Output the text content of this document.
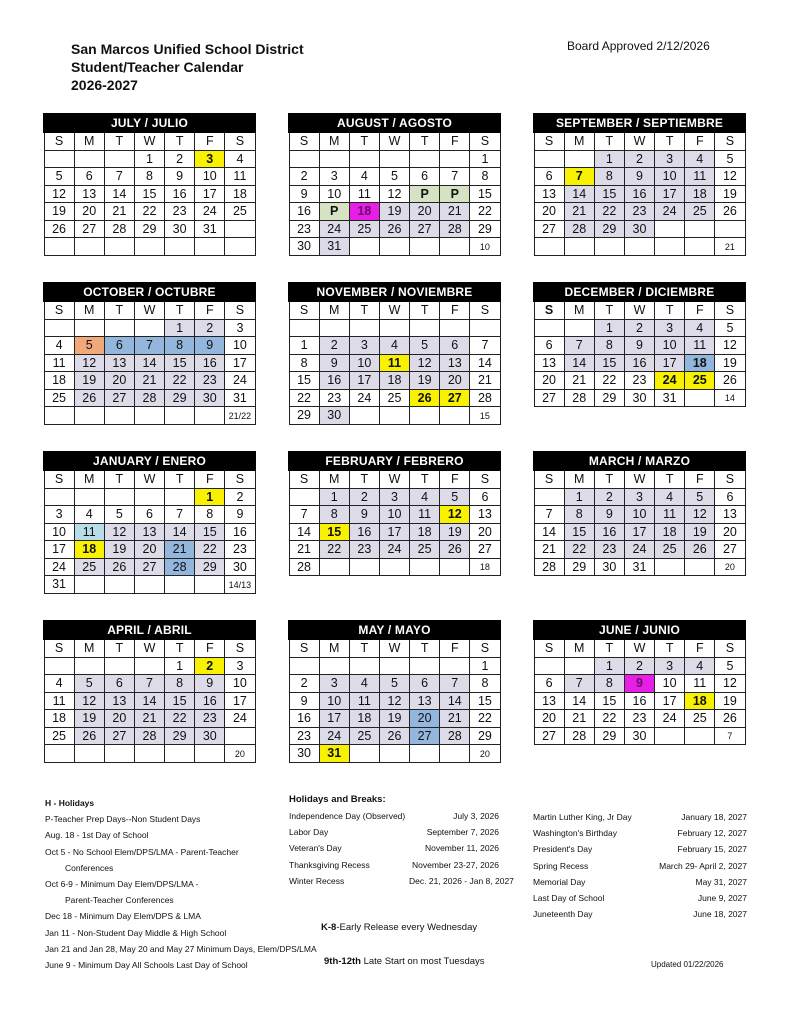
San Marcos Unified School District
Student/Teacher Calendar
2026-2027
Board Approved 2/12/2026
JULY / JULIO						
S	M	T	W	T	F	S
			1	2	3	4
5	6	7	8	9	10	11
12	13	14	15	16	17	18
19	20	21	22	23	24	25
26	27	28	29	30	31	

AUGUST / AGOSTO						
S	M	T	W	T	F	S
						1
2	3	4	5	6	7	8
9	10	11	12	P	P	15
16	P	18	19	20	21	22
23	24	25	26	27	28	29
30	31					10
SEPTEMBER / SEPTIEMBRE						
S	M	T	W	T	F	S
		1	2	3	4	5
6	7	8	9	10	11	12
13	14	15	16	17	18	19
20	21	22	23	24	25	26
27	28	29	30			
						21
OCTOBER / OCTUBRE						
S	M	T	W	T	F	S
				1	2	3
4	5	6	7	8	9	10
11	12	13	14	15	16	17
18	19	20	21	22	23	24
25	26	27	28	29	30	31
						21/22
NOVEMBER / NOVIEMBRE						
S	M	T	W	T	F	S

1	2	3	4	5	6	7
8	9	10	11	12	13	14
15	16	17	18	19	20	21
22	23	24	25	26	27	28
29	30					15
DECEMBER / DICIEMBRE						
S	M	T	W	T	F	S
		1	2	3	4	5
6	7	8	9	10	11	12
13	14	15	16	17	18	19
20	21	22	23	24	25	26
27	28	29	30	31		14
JANUARY / ENERO						
S	M	T	W	T	F	S
					1	2
3	4	5	6	7	8	9
10	11	12	13	14	15	16
17	18	19	20	21	22	23
24	25	26	27	28	29	30
31						14/13
FEBRUARY / FEBRERO						
S	M	T	W	T	F	S
	1	2	3	4	5	6
7	8	9	10	11	12	13
14	15	16	17	18	19	20
21	22	23	24	25	26	27
28						18
MARCH / MARZO						
S	M	T	W	T	F	S
	1	2	3	4	5	6
7	8	9	10	11	12	13
14	15	16	17	18	19	20
21	22	23	24	25	26	27
28	29	30	31			20
APRIL / ABRIL						
S	M	T	W	T	F	S
				1	2	3
4	5	6	7	8	9	10
11	12	13	14	15	16	17
18	19	20	21	22	23	24
25	26	27	28	29	30	
						20
MAY / MAYO						
S	M	T	W	T	F	S
						1
2	3	4	5	6	7	8
9	10	11	12	13	14	15
16	17	18	19	20	21	22
23	24	25	26	27	28	29
30	31					20
JUNE / JUNIO						
S	M	T	W	T	F	S
		1	2	3	4	5
6	7	8	9	10	11	12
13	14	15	16	17	18	19
20	21	22	23	24	25	26
27	28	29	30			7
H - Holidays
P-Teacher Prep Days--Non Student Days
Aug. 18 - 1st Day of School
Oct 5 - No School Elem/DPS/LMA - Parent-Teacher
Conferences
Oct 6-9 - Minimum Day Elem/DPS/LMA -
Parent-Teacher Conferences
Dec 18 - Minimum Day Elem/DPS & LMA
Jan 11 - Non-Student Day Middle & High School
Jan 21 and Jan 28, May 20 and May 27 Minimum Days, Elem/DPS/LMA
June 9 - Minimum Day All Schools Last Day of School
Holidays and Breaks:
Independence Day (Observed)	July 3, 2026
Labor Day	September 7, 2026
Veteran's Day	November 11, 2026
Thanksgiving Recess	November 23-27, 2026
Winter Recess	Dec. 21, 2026 - Jan 8, 2027
Martin Luther King, Jr Day	January 18, 2027
Washington's Birthday	February 12, 2027
President's Day	February 15, 2027
Spring Recess	March 29- April 2, 2027
Memorial Day	May 31, 2027
Last Day of School	June 9, 2027
Juneteenth Day	June 18, 2027
K-8-Early Release every Wednesday
9th-12th Late Start on most Tuesdays	Updated 01/22/2026
